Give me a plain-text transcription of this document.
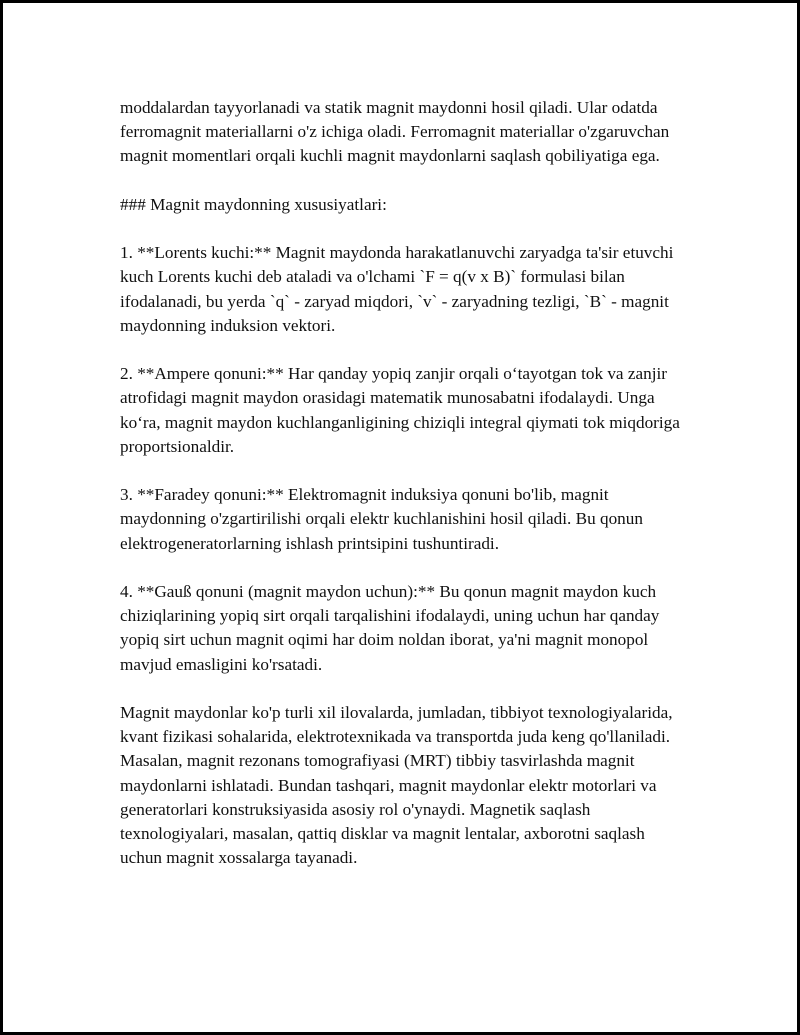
moddalardan tayyorlanadi va statik magnit maydonni hosil qiladi. Ular odatda ferromagnit materiallarni o'z ichiga oladi. Ferromagnit materiallar o'zgaruvchan magnit momentlari orqali kuchli magnit maydonlarni saqlash qobiliyatiga ega.

### Magnit maydonning xususiyatlari:

1. **Lorents kuchi:** Magnit maydonda harakatlanuvchi zaryadga ta'sir etuvchi kuch Lorents kuchi deb ataladi va o'lchami `F = q(v x B)` formulasi bilan ifodalanadi, bu yerda `q` - zaryad miqdori, `v` - zaryadning tezligi, `B` - magnit maydonning induksion vektori.

2. **Ampere qonuni:** Har qanday yopiq zanjir orqali o‘tayotgan tok va zanjir atrofidagi magnit maydon orasidagi matematik munosabatni ifodalaydi. Unga ko‘ra, magnit maydon kuchlanganligining chiziqli integral qiymati tok miqdoriga proportsionaldir.

3. **Faradey qonuni:** Elektromagnit induksiya qonuni bo'lib, magnit maydonning o'zgartirilishi orqali elektr kuchlanishini hosil qiladi. Bu qonun elektrogeneratorlarning ishlash printsipini tushuntiradi.

4. **Gauß qonuni (magnit maydon uchun):** Bu qonun magnit maydon kuch chiziqlarining yopiq sirt orqali tarqalishini ifodalaydi, uning uchun har qanday yopiq sirt uchun magnit oqimi har doim noldan iborat, ya'ni magnit monopol mavjud emasligini ko'rsatadi.

Magnit maydonlar ko'p turli xil ilovalarda, jumladan, tibbiyot texnologiyalarida, kvant fizikasi sohalarida, elektrotexnikada va transportda juda keng qo'llaniladi. Masalan, magnit rezonans tomografiyasi (MRT) tibbiy tasvirlashda magnit maydonlarni ishlatadi. Bundan tashqari, magnit maydonlar elektr motorlari va generatorlari konstruksiyasida asosiy rol o'ynaydi. Magnetik saqlash texnologiyalari, masalan, qattiq disklar va magnit lentalar, axborotni saqlash uchun magnit xossalarga tayanadi.
